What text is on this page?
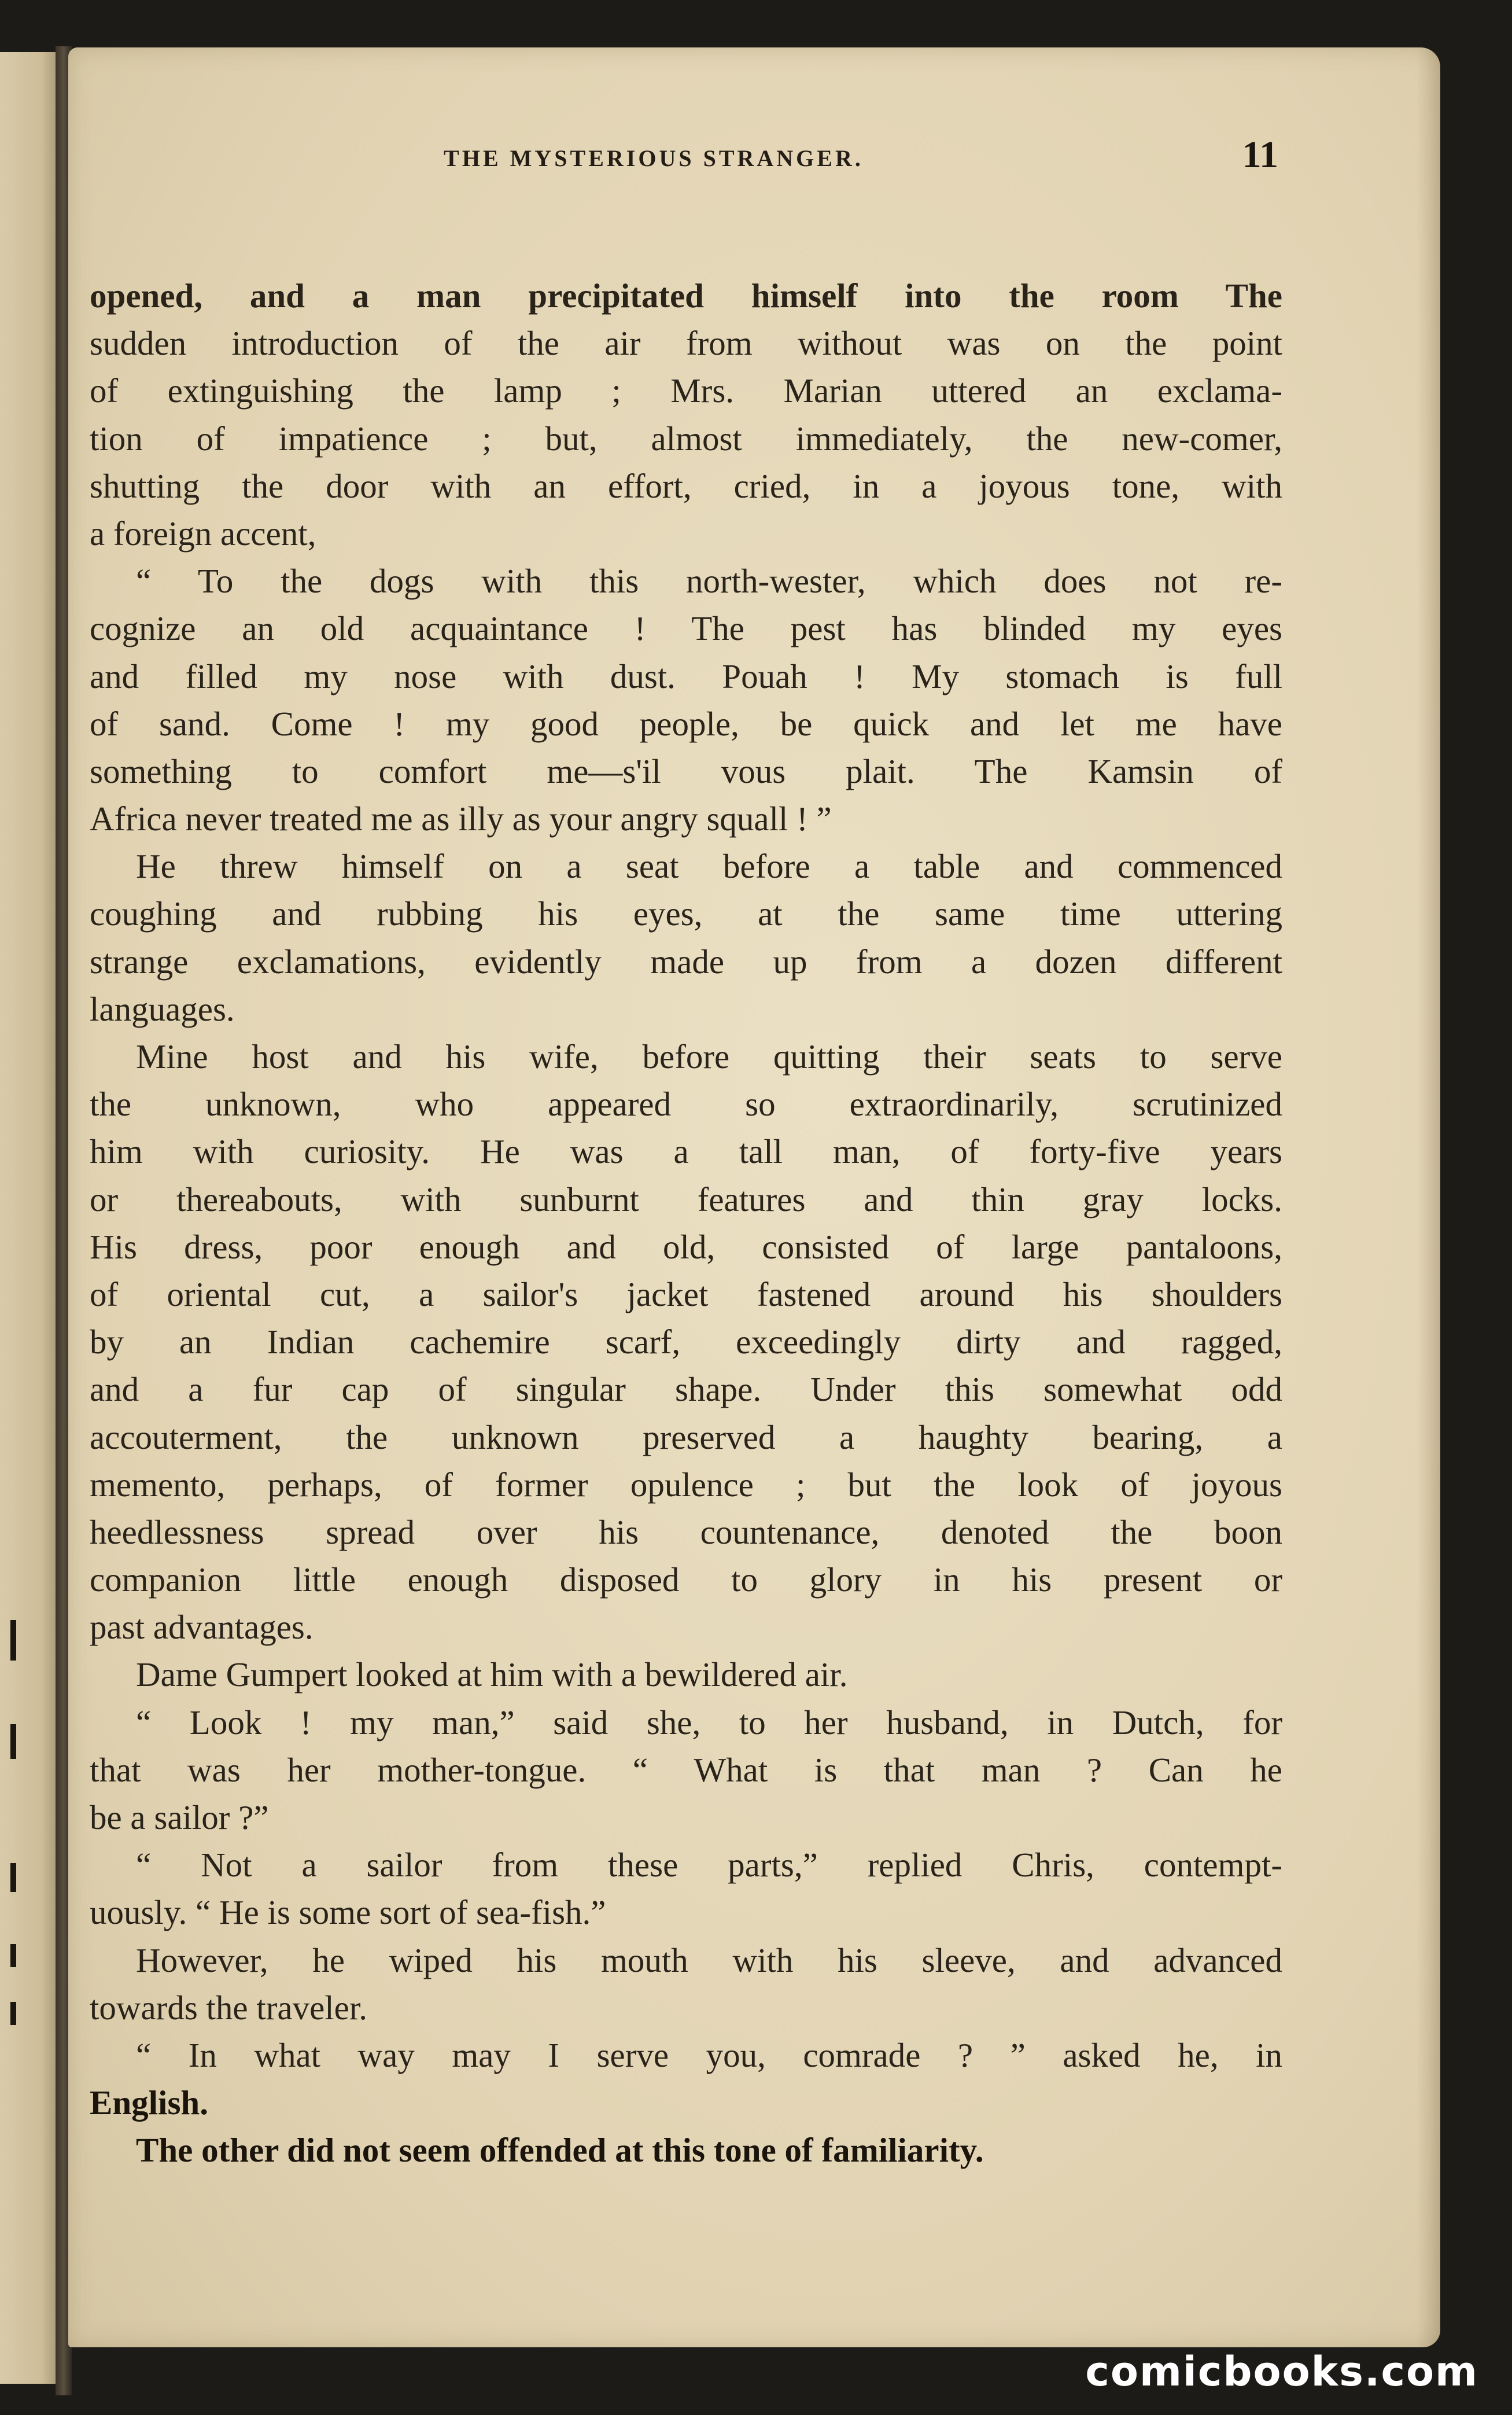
THE MYSTERIOUS STRANGER.	11
opened, and a man precipitated himself into the room The
sudden introduction of the air from without was on the point
of extinguishing the lamp ; Mrs. Marian uttered an exclama-
tion of impatience ; but, almost immediately, the new-comer,
shutting the door with an effort, cried, in a joyous tone, with
a foreign accent,
“ To the dogs with this north-wester, which does not re-
cognize an old acquaintance ! The pest has blinded my eyes
and filled my nose with dust. Pouah ! My stomach is full
of sand. Come ! my good people, be quick and let me have
something to comfort me—s'il vous plait. The Kamsin of
Africa never treated me as illy as your angry squall ! ”
He threw himself on a seat before a table and commenced
coughing and rubbing his eyes, at the same time uttering
strange exclamations, evidently made up from a dozen different
languages.
Mine host and his wife, before quitting their seats to serve
the unknown, who appeared so extraordinarily, scrutinized
him with curiosity. He was a tall man, of forty-five years
or thereabouts, with sunburnt features and thin gray locks.
His dress, poor enough and old, consisted of large pantaloons,
of oriental cut, a sailor's jacket fastened around his shoulders
by an Indian cachemire scarf, exceedingly dirty and ragged,
and a fur cap of singular shape. Under this somewhat odd
accouterment, the unknown preserved a haughty bearing, a
memento, perhaps, of former opulence ; but the look of joyous
heedlessness spread over his countenance, denoted the boon
companion little enough disposed to glory in his present or
past advantages.
Dame Gumpert looked at him with a bewildered air.
“ Look ! my man,” said she, to her husband, in Dutch, for
that was her mother-tongue. “ What is that man ? Can he
be a sailor ?”
“ Not a sailor from these parts,” replied Chris, contempt-
uously. “ He is some sort of sea-fish.”
However, he wiped his mouth with his sleeve, and advanced
towards the traveler.
“ In what way may I serve you, comrade ? ” asked he, in
English.
The other did not seem offended at this tone of familiarity.
comicbooks.com
